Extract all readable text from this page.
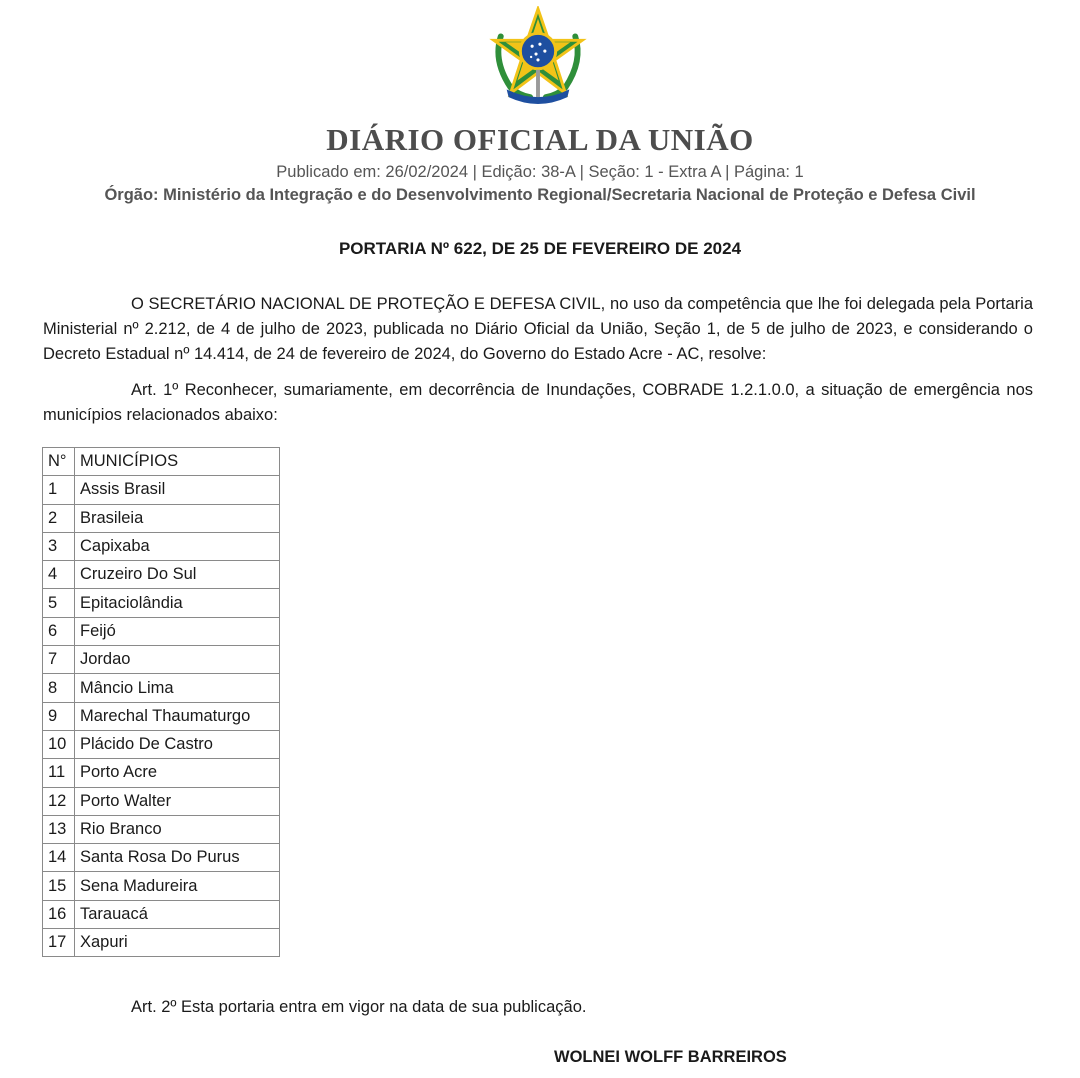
DIÁRIO OFICIAL DA UNIÃO
Publicado em: 26/02/2024 | Edição: 38-A | Seção: 1 - Extra A | Página: 1
Órgão: Ministério da Integração e do Desenvolvimento Regional/Secretaria Nacional de Proteção e Defesa Civil
PORTARIA Nº 622, DE 25 DE FEVEREIRO DE 2024
O SECRETÁRIO NACIONAL DE PROTEÇÃO E DEFESA CIVIL, no uso da competência que lhe foi delegada pela Portaria Ministerial nº 2.212, de 4 de julho de 2023, publicada no Diário Oficial da União, Seção 1, de 5 de julho de 2023, e considerando o Decreto Estadual nº 14.414, de 24 de fevereiro de 2024, do Governo do Estado Acre - AC, resolve:
Art. 1º Reconhecer, sumariamente, em decorrência de Inundações, COBRADE 1.2.1.0.0, a situação de emergência nos municípios relacionados abaixo:
N°	MUNICÍPIOS
1	Assis Brasil
2	Brasileia
3	Capixaba
4	Cruzeiro Do Sul
5	Epitaciolândia
6	Feijó
7	Jordao
8	Mâncio Lima
9	Marechal Thaumaturgo
10	Plácido De Castro
11	Porto Acre
12	Porto Walter
13	Rio Branco
14	Santa Rosa Do Purus
15	Sena Madureira
16	Tarauacá
17	Xapuri
Art. 2º Esta portaria entra em vigor na data de sua publicação.
WOLNEI WOLFF BARREIROS
